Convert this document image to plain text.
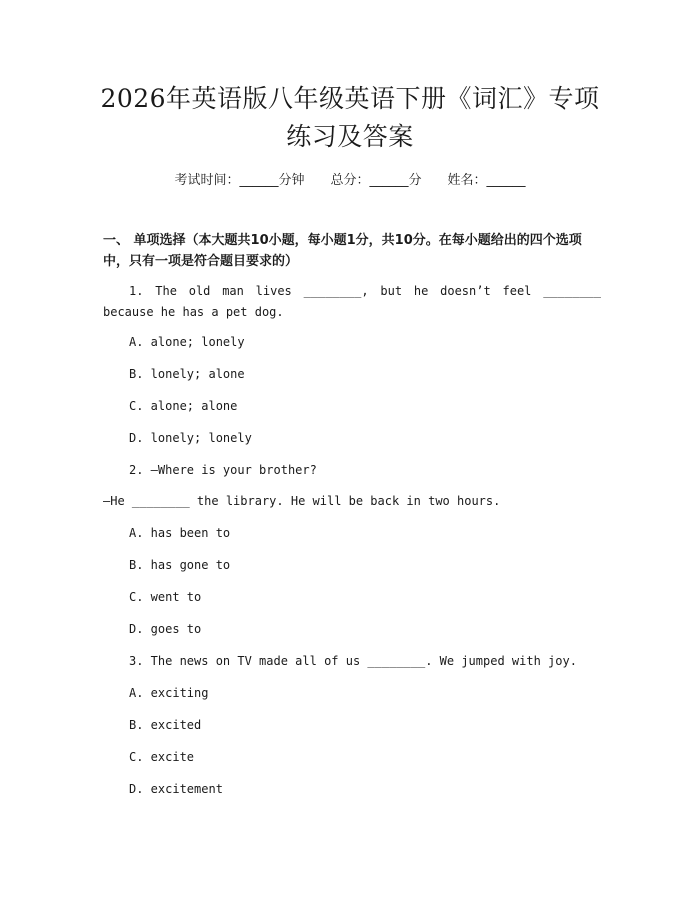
2026年英语版八年级英语下册《词汇》专项
练习及答案
考试时间：______分钟 总分：______分 姓名：______
一、 单项选择（本大题共10小题，每小题1分，共10分。在每小题给出的四个选项中，只有一项是符合题目要求的）
1. The old man lives ________, but he doesn’t feel ________ because he has a pet dog.
A. alone; lonely
B. lonely; alone
C. alone; alone
D. lonely; lonely
2. —Where is your brother?
—He ________ the library. He will be back in two hours.
A. has been to
B. has gone to
C. went to
D. goes to
3. The news on TV made all of us ________. We jumped with joy.
A. exciting
B. excited
C. excite
D. excitement
